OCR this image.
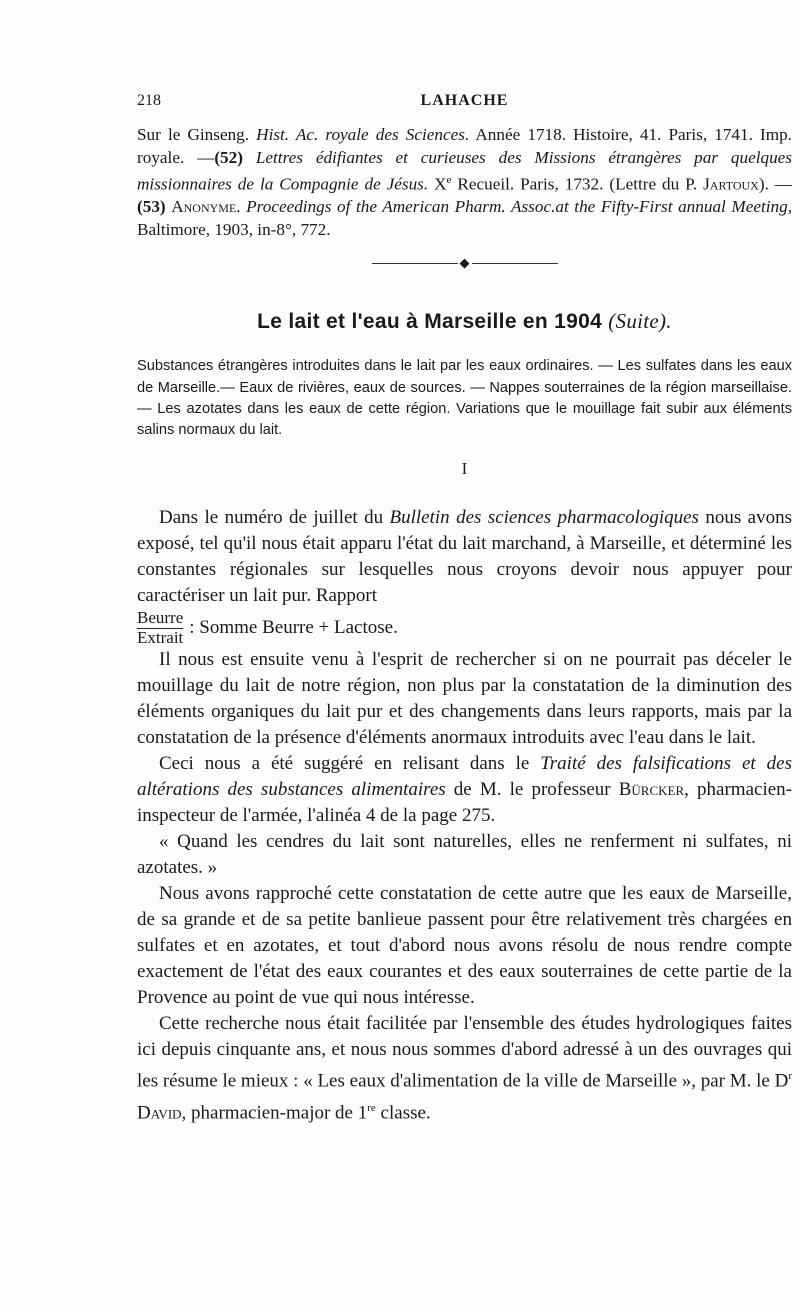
218	LAHACHE
Sur le Ginseng. Hist. Ac. royale des Sciences. Année 1718. Histoire, 41. Paris, 1741. Imp. royale. —(52) Lettres édifiantes et curieuses des Missions étrangères par quelques missionnaires de la Compagnie de Jésus. Xe Recueil. Paris, 1732. (Lettre du P. Jartoux). — (53) Anonyme. Proceedings of the American Pharm. Assoc.at the Fifty-First annual Meeting, Baltimore, 1903, in-8°, 772.
◆
Le lait et l'eau à Marseille en 1904 (Suite).
Substances étrangères introduites dans le lait par les eaux ordinaires. — Les sulfates dans les eaux de Marseille.— Eaux de rivières, eaux de sources. — Nappes souterraines de la région marseillaise. — Les azotates dans les eaux de cette région. Variations que le mouillage fait subir aux éléments salins normaux du lait.
I

Dans le numéro de juillet du Bulletin des sciences pharmacologiques nous avons exposé, tel qu'il nous était apparu l'état du lait marchand, à Marseille, et déterminé les constantes régionales sur lesquelles nous croyons devoir nous appuyer pour caractériser un lait pur. Rapport

$\frac{\text{Beurre}}{\text{Extrait}}$ : Somme Beurre + Lactose.

Il nous est ensuite venu à l'esprit de rechercher si on ne pourrait pas déceler le mouillage du lait de notre région, non plus par la constatation de la diminution des éléments organiques du lait pur et des changements dans leurs rapports, mais par la constatation de la présence d'éléments anormaux introduits avec l'eau dans le lait.

Ceci nous a été suggéré en relisant dans le Traité des falsifications et des altérations des substances alimentaires de M. le professeur Bürcker, pharmacien-inspecteur de l'armée, l'alinéa 4 de la page 275.

« Quand les cendres du lait sont naturelles, elles ne renferment ni sulfates, ni azotates. »

Nous avons rapproché cette constatation de cette autre que les eaux de Marseille, de sa grande et de sa petite banlieue passent pour être relativement très chargées en sulfates et en azotates, et tout d'abord nous avons résolu de nous rendre compte exactement de l'état des eaux courantes et des eaux souterraines de cette partie de la Provence au point de vue qui nous intéresse.

Cette recherche nous était facilitée par l'ensemble des études hydrologiques faites ici depuis cinquante ans, et nous nous sommes d'abord adressé à un des ouvrages qui les résume le mieux : « Les eaux d'alimentation de la ville de Marseille », par M. le $D^r$ David, pharmacien-major de 1re classe.
